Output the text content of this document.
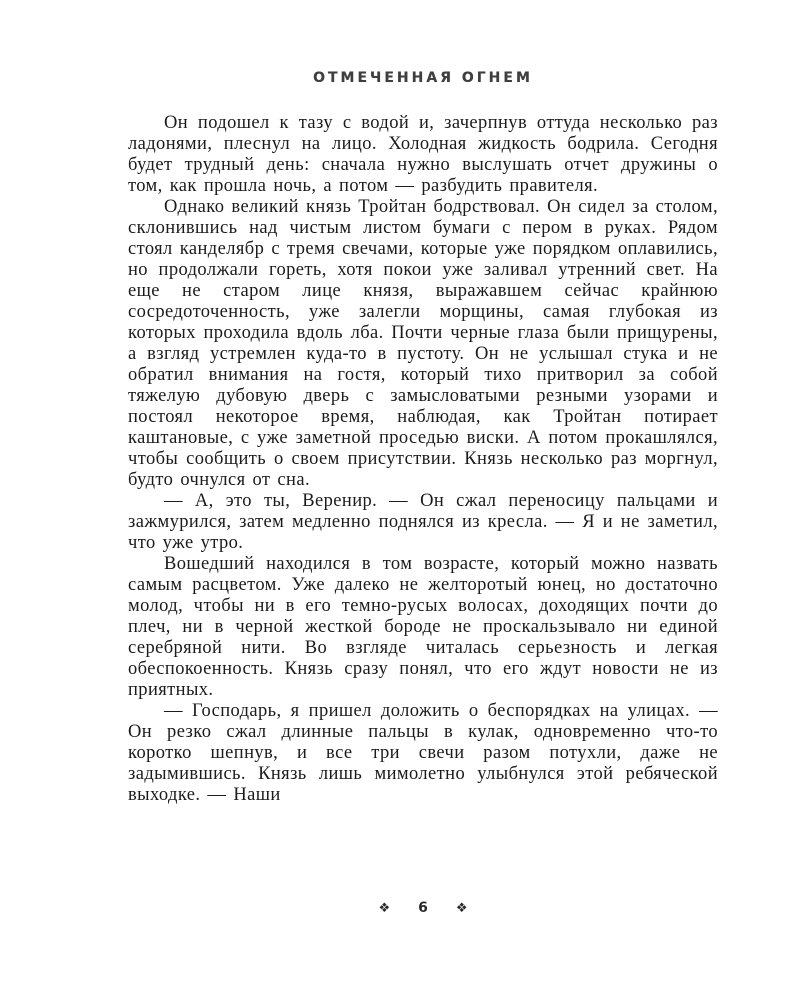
ОТМЕЧЕННАЯ ОГНЕМ

Он подошел к тазу с водой и, зачерпнув оттуда несколько раз ладонями, плеснул на лицо. Холодная жидкость бодрила. Сегодня будет трудный день: сначала нужно выслушать отчет дружины о том, как прошла ночь, а потом — разбудить правителя.

Однако великий князь Тройтан бодрствовал. Он сидел за столом, склонившись над чистым листом бумаги с пером в руках. Рядом стоял канделябр с тремя свечами, которые уже порядком оплавились, но продолжали гореть, хотя покои уже заливал утренний свет. На еще не старом лице князя, выражавшем сейчас крайнюю сосредоточенность, уже залегли морщины, самая глубокая из которых проходила вдоль лба. Почти черные глаза были прищурены, а взгляд устремлен куда-то в пустоту. Он не услышал стука и не обратил внимания на гостя, который тихо притворил за собой тяжелую дубовую дверь с замысловатыми резными узорами и постоял некоторое время, наблюдая, как Тройтан потирает каштановые, с уже заметной проседью виски. А потом прокашлялся, чтобы сообщить о своем присутствии. Князь несколько раз моргнул, будто очнулся от сна.

— А, это ты, Веренир. — Он сжал переносицу пальцами и зажмурился, затем медленно поднялся из кресла. — Я и не заметил, что уже утро.

Вошедший находился в том возрасте, который можно назвать самым расцветом. Уже далеко не желторотый юнец, но достаточно молод, чтобы ни в его темно-русых волосах, доходящих почти до плеч, ни в черной жесткой бороде не проскальзывало ни единой серебряной нити. Во взгляде читалась серьезность и легкая обеспокоенность. Князь сразу понял, что его ждут новости не из приятных.

— Господарь, я пришел доложить о беспорядках на улицах. — Он резко сжал длинные пальцы в кулак, одновременно что-то коротко шепнув, и все три свечи разом потухли, даже не задымившись. Князь лишь мимолетно улыбнулся этой ребяческой выходке. — Наши

❖ 6 ❖
